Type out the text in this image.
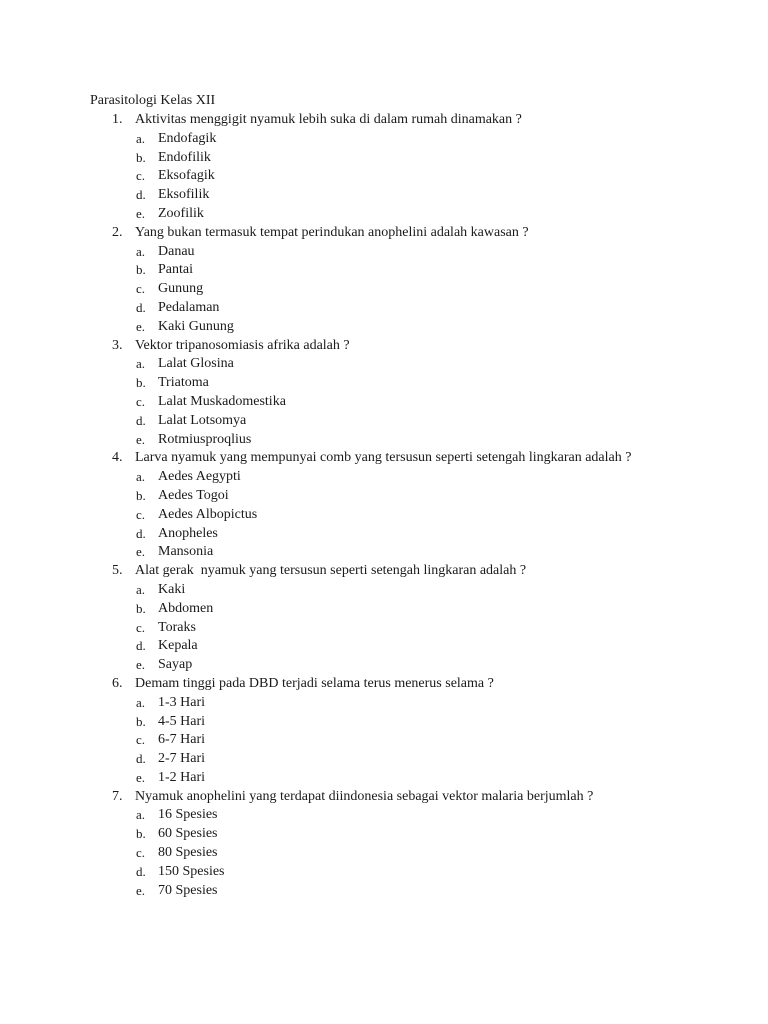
Parasitologi Kelas XII
1. Aktivitas menggigit nyamuk lebih suka di dalam rumah dinamakan ?
a. Endofagik
b. Endofilik
c. Eksofagik
d. Eksofilik
e. Zoofilik
2. Yang bukan termasuk tempat perindukan anophelini adalah kawasan ?
a. Danau
b. Pantai
c. Gunung
d. Pedalaman
e. Kaki Gunung
3. Vektor tripanosomiasis afrika adalah ?
a. Lalat Glosina
b. Triatoma
c. Lalat Muskadomestika
d. Lalat Lotsomya
e. Rotmiusproqlius
4. Larva nyamuk yang mempunyai comb yang tersusun seperti setengah lingkaran adalah ?
a. Aedes Aegypti
b. Aedes Togoi
c. Aedes Albopictus
d. Anopheles
e. Mansonia
5. Alat gerak  nyamuk yang tersusun seperti setengah lingkaran adalah ?
a. Kaki
b. Abdomen
c. Toraks
d. Kepala
e. Sayap
6. Demam tinggi pada DBD terjadi selama terus menerus selama ?
a. 1-3 Hari
b. 4-5 Hari
c. 6-7 Hari
d. 2-7 Hari
e. 1-2 Hari
7. Nyamuk anophelini yang terdapat diindonesia sebagai vektor malaria berjumlah ?
a. 16 Spesies
b. 60 Spesies
c. 80 Spesies
d. 150 Spesies
e. 70 Spesies
